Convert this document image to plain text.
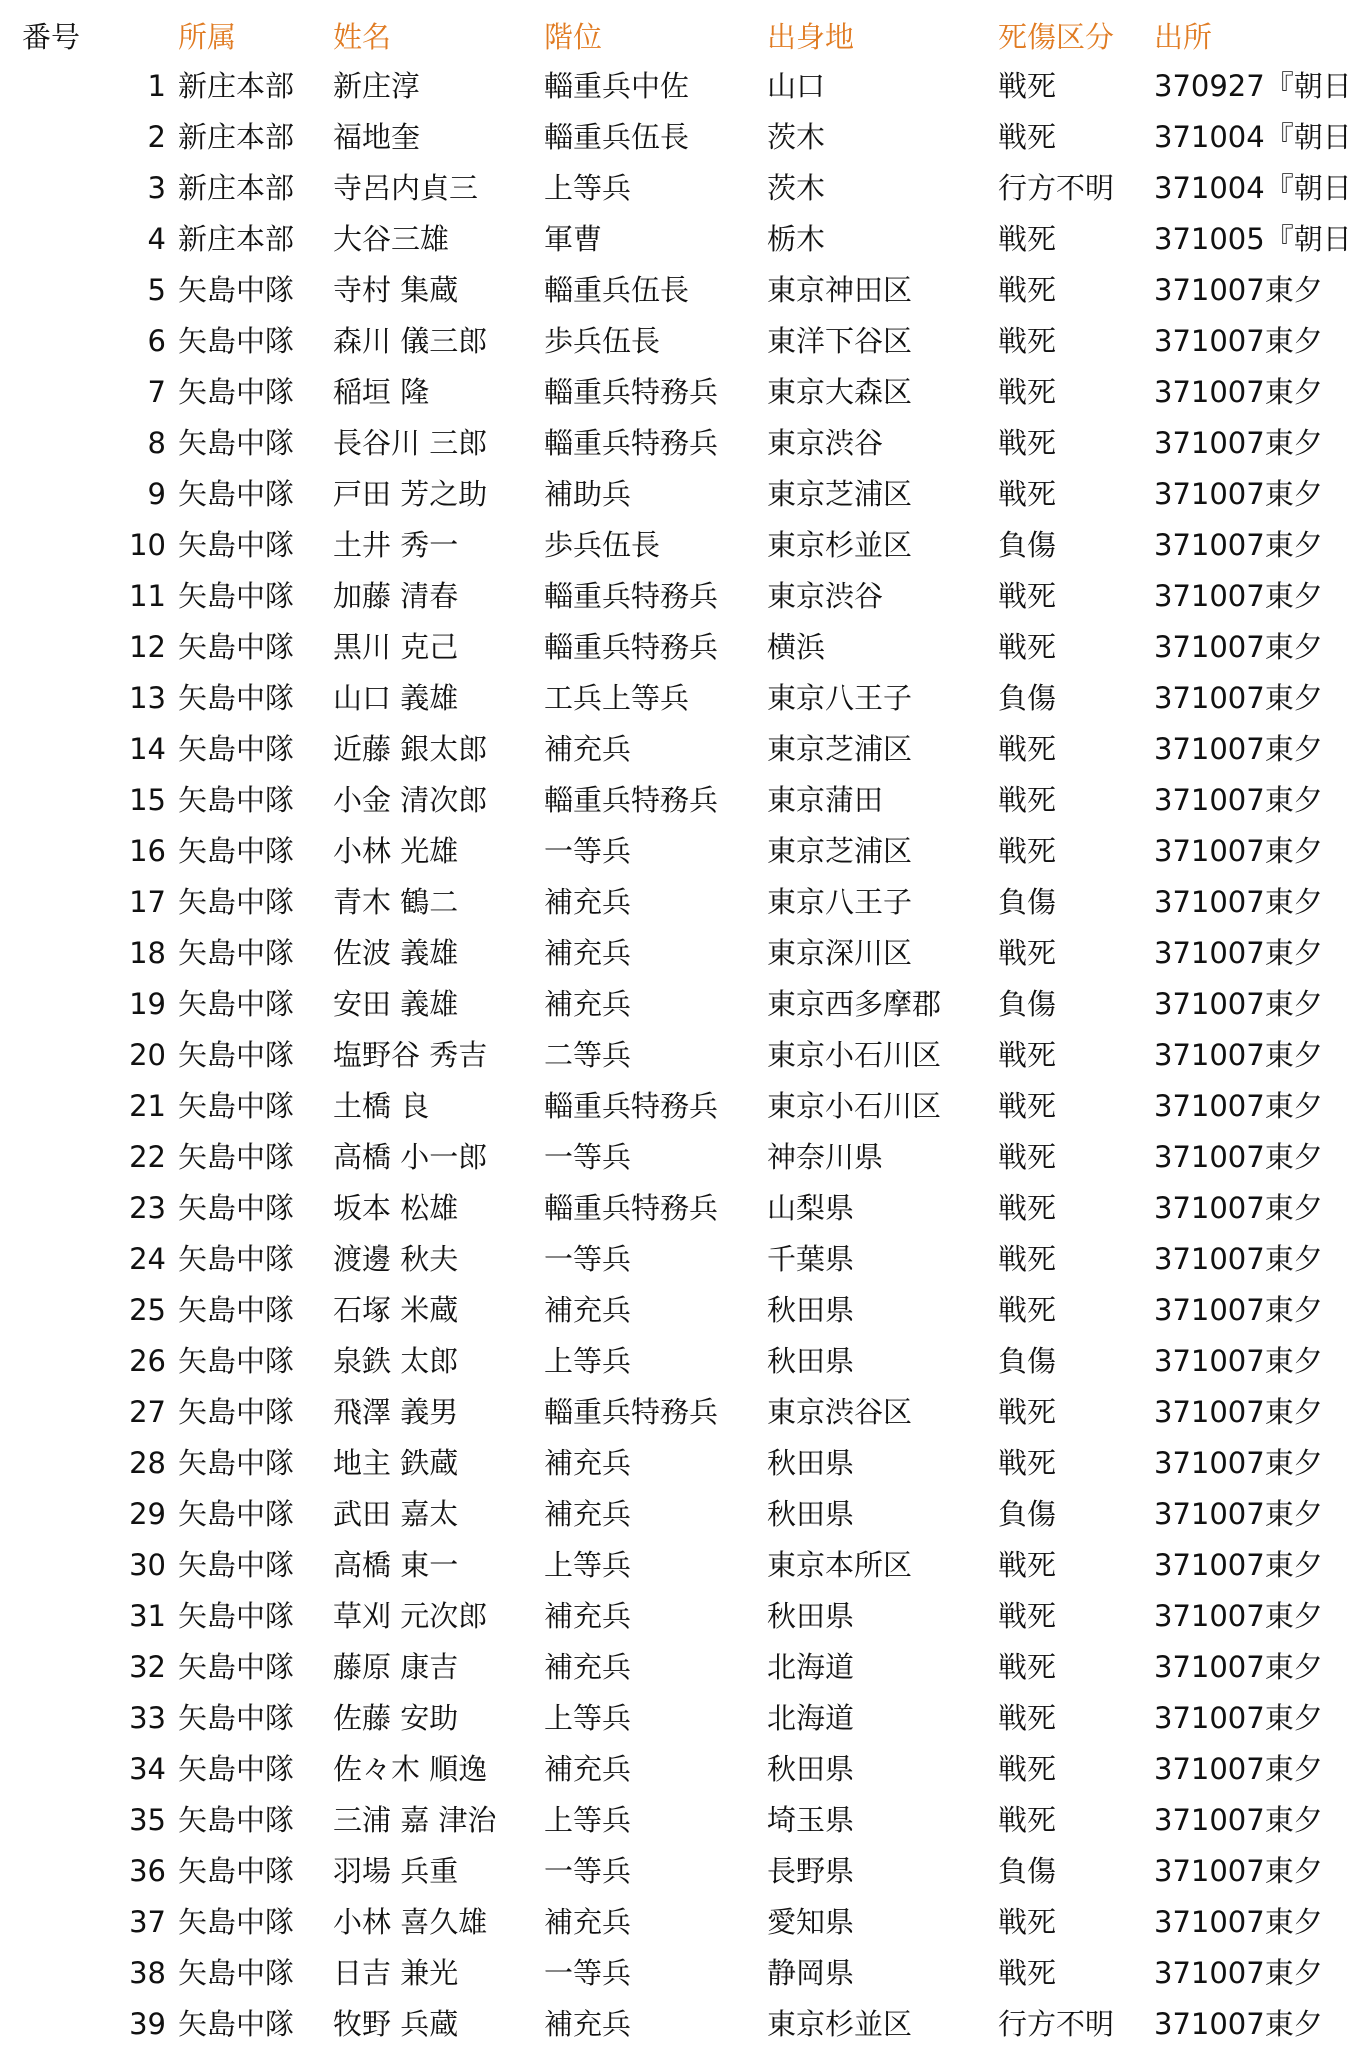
番号	所属	姓名	階位	出身地	死傷区分	出所
1 新庄本部	新庄淳	輜重兵中佐	山口	戦死	370927『朝日
2 新庄本部	福地奎	輜重兵伍長	茨木	戦死	371004『朝日
3 新庄本部	寺呂内貞三	上等兵	茨木	行方不明	371004『朝日
4 新庄本部	大谷三雄	軍曹	栃木	戦死	371005『朝日
5 矢島中隊	寺村 集蔵	輜重兵伍長	東京神田区	戦死	371007東夕
6 矢島中隊	森川 儀三郎	歩兵伍長	東洋下谷区	戦死	371007東夕
7 矢島中隊	稲垣 隆	輜重兵特務兵	東京大森区	戦死	371007東夕
8 矢島中隊	長谷川 三郎	輜重兵特務兵	東京渋谷	戦死	371007東夕
9 矢島中隊	戸田 芳之助	補助兵	東京芝浦区	戦死	371007東夕
10 矢島中隊	土井 秀一	歩兵伍長	東京杉並区	負傷	371007東夕
11 矢島中隊	加藤 清春	輜重兵特務兵	東京渋谷	戦死	371007東夕
12 矢島中隊	黒川 克己	輜重兵特務兵	横浜	戦死	371007東夕
13 矢島中隊	山口 義雄	工兵上等兵	東京八王子	負傷	371007東夕
14 矢島中隊	近藤 銀太郎	補充兵	東京芝浦区	戦死	371007東夕
15 矢島中隊	小金 清次郎	輜重兵特務兵	東京蒲田	戦死	371007東夕
16 矢島中隊	小林 光雄	一等兵	東京芝浦区	戦死	371007東夕
17 矢島中隊	青木 鶴二	補充兵	東京八王子	負傷	371007東夕
18 矢島中隊	佐波 義雄	補充兵	東京深川区	戦死	371007東夕
19 矢島中隊	安田 義雄	補充兵	東京西多摩郡	負傷	371007東夕
20 矢島中隊	塩野谷 秀吉	二等兵	東京小石川区	戦死	371007東夕
21 矢島中隊	土橋 良	輜重兵特務兵	東京小石川区	戦死	371007東夕
22 矢島中隊	高橋 小一郎	一等兵	神奈川県	戦死	371007東夕
23 矢島中隊	坂本 松雄	輜重兵特務兵	山梨県	戦死	371007東夕
24 矢島中隊	渡邊 秋夫	一等兵	千葉県	戦死	371007東夕
25 矢島中隊	石塚 米蔵	補充兵	秋田県	戦死	371007東夕
26 矢島中隊	泉鉄 太郎	上等兵	秋田県	負傷	371007東夕
27 矢島中隊	飛澤 義男	輜重兵特務兵	東京渋谷区	戦死	371007東夕
28 矢島中隊	地主 鉄蔵	補充兵	秋田県	戦死	371007東夕
29 矢島中隊	武田 嘉太	補充兵	秋田県	負傷	371007東夕
30 矢島中隊	高橋 東一	上等兵	東京本所区	戦死	371007東夕
31 矢島中隊	草刈 元次郎	補充兵	秋田県	戦死	371007東夕
32 矢島中隊	藤原 康吉	補充兵	北海道	戦死	371007東夕
33 矢島中隊	佐藤 安助	上等兵	北海道	戦死	371007東夕
34 矢島中隊	佐々木 順逸	補充兵	秋田県	戦死	371007東夕
35 矢島中隊	三浦 嘉 津治	上等兵	埼玉県	戦死	371007東夕
36 矢島中隊	羽場 兵重	一等兵	長野県	負傷	371007東夕
37 矢島中隊	小林 喜久雄	補充兵	愛知県	戦死	371007東夕
38 矢島中隊	日吉 兼光	一等兵	静岡県	戦死	371007東夕
39 矢島中隊	牧野 兵蔵	補充兵	東京杉並区	行方不明	371007東夕
